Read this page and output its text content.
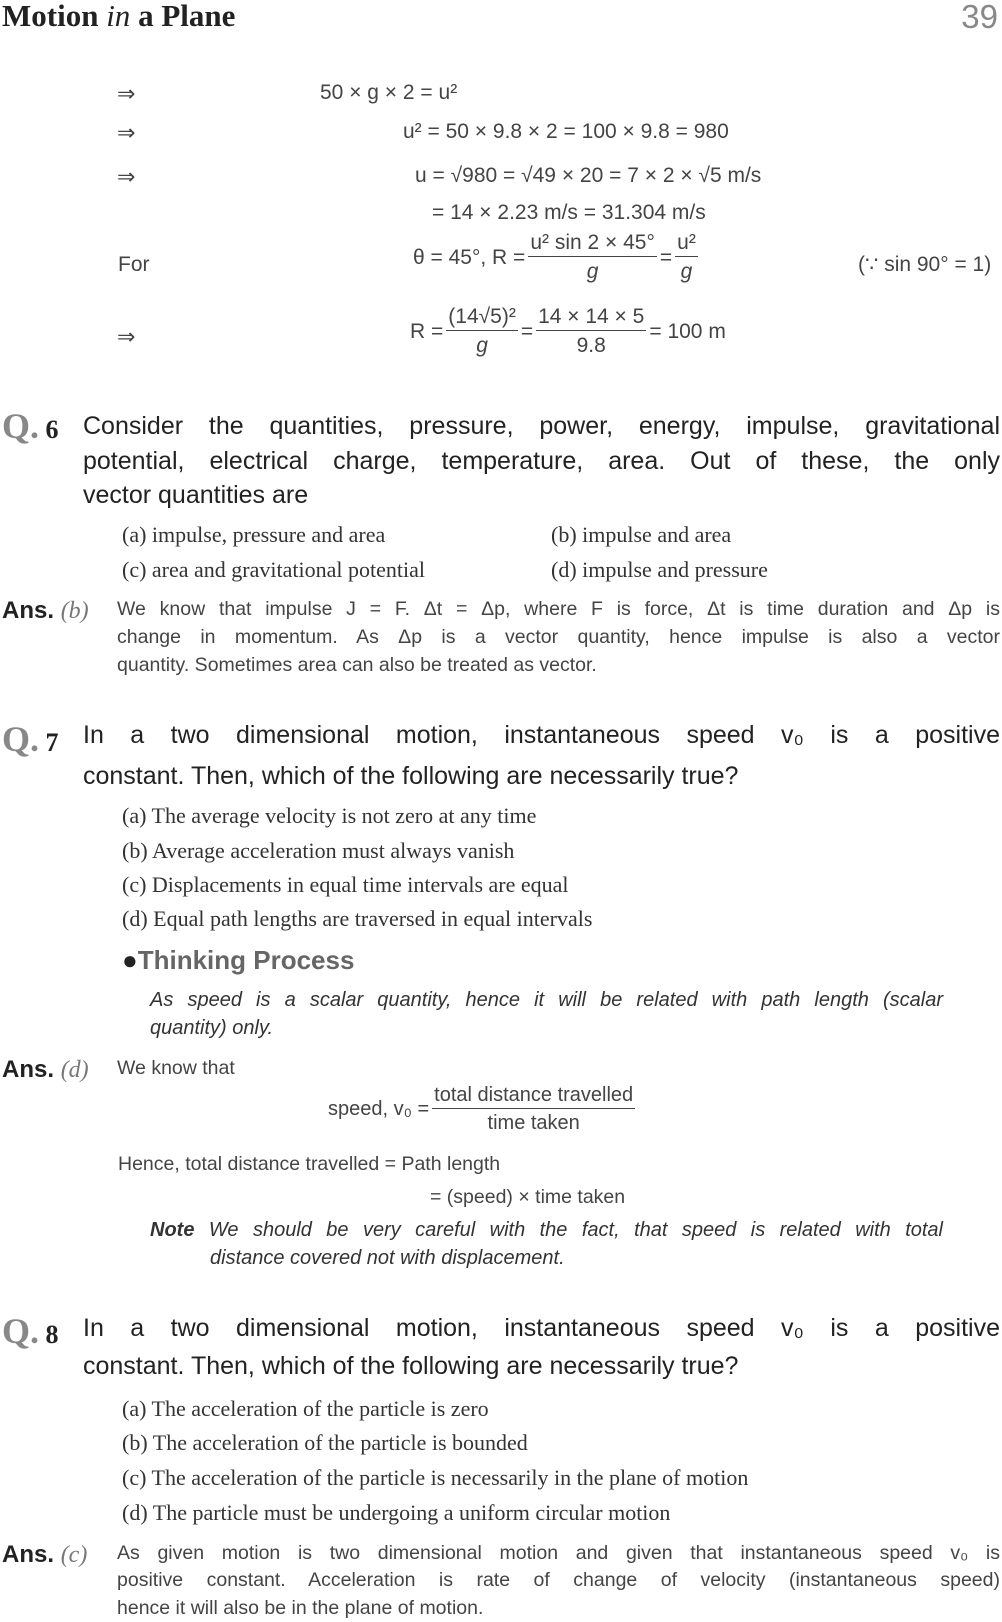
Motion in a Plane	39
⇒	50 × g × 2 = u²
⇒	u² = 50 × 9.8 × 2 = 100 × 9.8 = 980
⇒	u = √980 = √49 × 20 = 7 × 2 × √5 m/s
= 14 × 2.23 m/s = 31.304 m/s
For	θ = 45°, $R = \frac{\text{u² sin 2 × 45°}}{g} = \frac{\text{u²}}{g}$	(∵ sin 90° = 1)
⇒	$R = \frac{\text{(14√5)²}}{g} = \frac{14 \times 14 \times 5}{9.8} = 100$ m
Q. 6 Consider the quantities, pressure, power, energy, impulse, gravitational
potential, electrical charge, temperature, area. Out of these, the only
vector quantities are
(a) impulse, pressure and area	(b) impulse and area
(c) area and gravitational potential	(d) impulse and pressure
Ans. (b) We know that impulse J = F. Δt = Δp, where F is force, Δt is time duration and Δp is
change in momentum. As Δp is a vector quantity, hence impulse is also a vector
quantity. Sometimes area can also be treated as vector.
Q. 7 In a two dimensional motion, instantaneous speed v₀ is a positive
constant. Then, which of the following are necessarily true?
(a) The average velocity is not zero at any time
(b) Average acceleration must always vanish
(c) Displacements in equal time intervals are equal
(d) Equal path lengths are traversed in equal intervals
●Thinking Process
As speed is a scalar quantity, hence it will be related with path length (scalar
quantity) only.
Ans. (d) We know that
speed, $v_0 = \frac{\text{total distance travelled}}{\text{time taken}}$
Hence, total distance travelled = Path length
= (speed) × time taken
Note We should be very careful with the fact, that speed is related with total
distance covered not with displacement.
Q. 8 In a two dimensional motion, instantaneous speed v₀ is a positive
constant. Then, which of the following are necessarily true?
(a) The acceleration of the particle is zero
(b) The acceleration of the particle is bounded
(c) The acceleration of the particle is necessarily in the plane of motion
(d) The particle must be undergoing a uniform circular motion
Ans. (c) As given motion is two dimensional motion and given that instantaneous speed v₀ is
positive constant. Acceleration is rate of change of velocity (instantaneous speed)
hence it will also be in the plane of motion.
